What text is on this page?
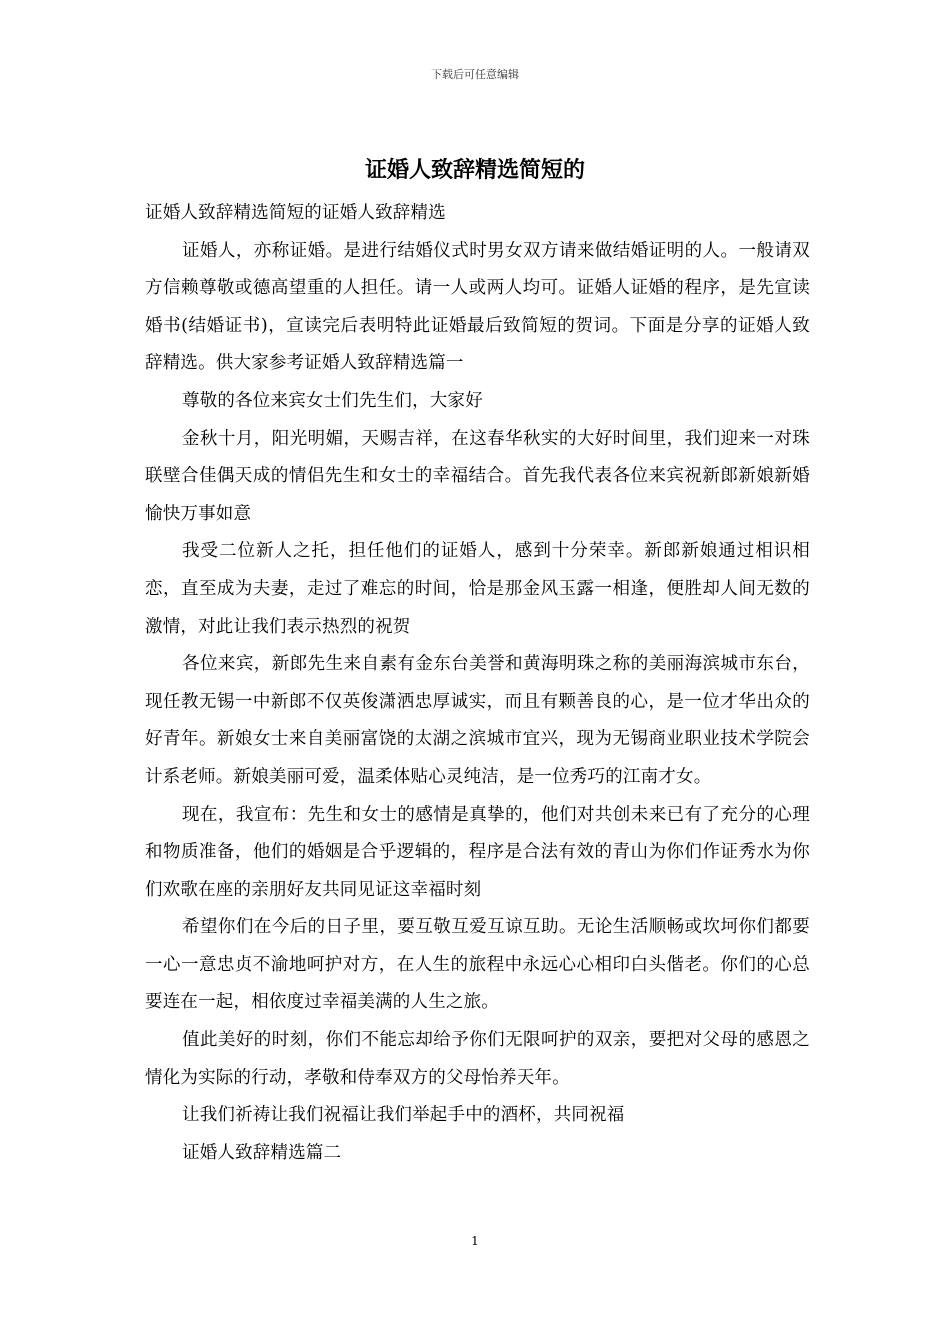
下载后可任意编辑
证婚人致辞精选简短的

证婚人致辞精选简短的证婚人致辞精选

证婚人，亦称证婚。是进行结婚仪式时男女双方请来做结婚证明的人。一般请双方信赖尊敬或德高望重的人担任。请一人或两人均可。证婚人证婚的程序，是先宣读婚书(结婚证书)，宣读完后表明特此证婚最后致简短的贺词。下面是分享的证婚人致辞精选。供大家参考证婚人致辞精选篇一

尊敬的各位来宾女士们先生们，大家好

金秋十月，阳光明媚，天赐吉祥，在这春华秋实的大好时间里，我们迎来一对珠联壁合佳偶天成的情侣先生和女士的幸福结合。首先我代表各位来宾祝新郎新娘新婚愉快万事如意

我受二位新人之托，担任他们的证婚人，感到十分荣幸。新郎新娘通过相识相恋，直至成为夫妻，走过了难忘的时间，恰是那金风玉露一相逢，便胜却人间无数的激情，对此让我们表示热烈的祝贺

各位来宾，新郎先生来自素有金东台美誉和黄海明珠之称的美丽海滨城市东台，现任教无锡一中新郎不仅英俊潇洒忠厚诚实，而且有颗善良的心，是一位才华出众的好青年。新娘女士来自美丽富饶的太湖之滨城市宜兴，现为无锡商业职业技术学院会计系老师。新娘美丽可爱，温柔体贴心灵纯洁，是一位秀巧的江南才女。

现在，我宣布：先生和女士的感情是真挚的，他们对共创未来已有了充分的心理和物质准备，他们的婚姻是合乎逻辑的，程序是合法有效的青山为你们作证秀水为你们欢歌在座的亲朋好友共同见证这幸福时刻

希望你们在今后的日子里，要互敬互爱互谅互助。无论生活顺畅或坎坷你们都要一心一意忠贞不渝地呵护对方，在人生的旅程中永远心心相印白头偕老。你们的心总要连在一起，相依度过幸福美满的人生之旅。

值此美好的时刻，你们不能忘却给予你们无限呵护的双亲，要把对父母的感恩之情化为实际的行动，孝敬和侍奉双方的父母怡养天年。

让我们祈祷让我们祝福让我们举起手中的酒杯，共同祝福

证婚人致辞精选篇二

1
